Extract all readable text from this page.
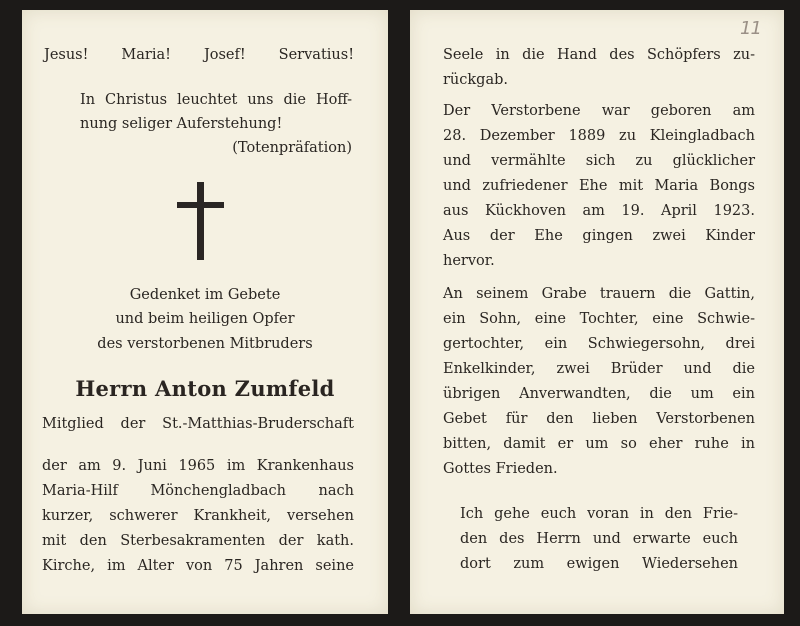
Jesus! Maria! Josef! Servatius!
In Christus leuchtet uns die Hoff-
nung seliger Auferstehung!
(Totenpräfation)
Gedenket im Gebete
und beim heiligen Opfer
des verstorbenen Mitbruders
Herrn Anton Zumfeld
Mitglied der St.-Matthias-Bruderschaft
der am 9. Juni 1965 im Krankenhaus
Maria-Hilf Mönchengladbach nach
kurzer, schwerer Krankheit, versehen
mit den Sterbesakramenten der kath.
Kirche, im Alter von 75 Jahren seine
11
Seele in die Hand des Schöpfers zu-
rückgab.
Der Verstorbene war geboren am
28. Dezember 1889 zu Kleingladbach
und vermählte sich zu glücklicher
und zufriedener Ehe mit Maria Bongs
aus Kückhoven am 19. April 1923.
Aus der Ehe gingen zwei Kinder
hervor.
An seinem Grabe trauern die Gattin,
ein Sohn, eine Tochter, eine Schwie-
gertochter, ein Schwiegersohn, drei
Enkelkinder, zwei Brüder und die
übrigen Anverwandten, die um ein
Gebet für den lieben Verstorbenen
bitten, damit er um so eher ruhe in
Gottes Frieden.
Ich gehe euch voran in den Frie-
den des Herrn und erwarte euch
dort zum ewigen Wiedersehen
